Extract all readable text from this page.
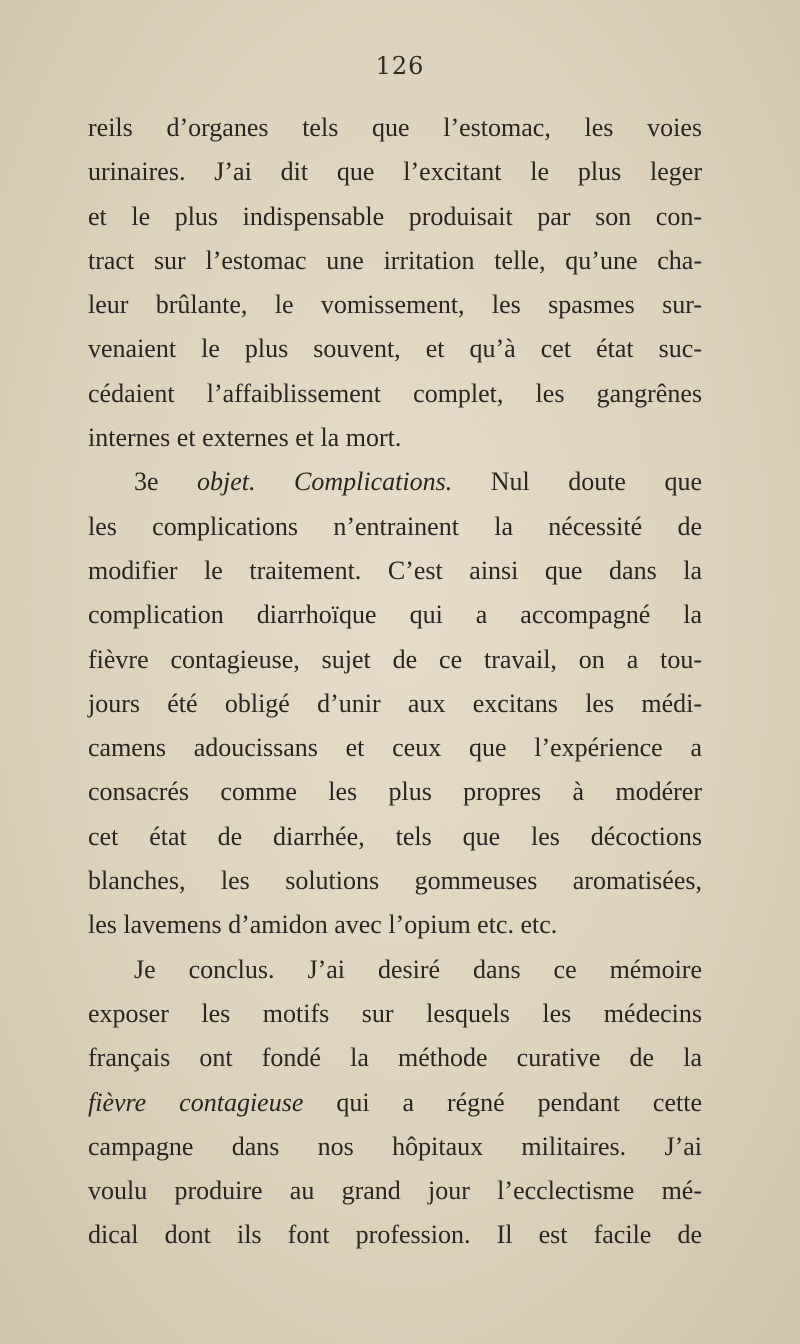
126
reils d’organes tels que l’estomac, les voies
urinaires. J’ai dit que l’excitant le plus leger
et le plus indispensable produisait par son con-
tract sur l’estomac une irritation telle, qu’une cha-
leur brûlante, le vomissement, les spasmes sur-
venaient le plus souvent, et qu’à cet état suc-
cédaient l’affaiblissement complet, les gangrênes
internes et externes et la mort.
3e objet. Complications. Nul doute que
les complications n’entrainent la nécessité de
modifier le traitement. C’est ainsi que dans la
complication diarrhoïque qui a accompagné la
fièvre contagieuse, sujet de ce travail, on a tou-
jours été obligé d’unir aux excitans les médi-
camens adoucissans et ceux que l’expérience a
consacrés comme les plus propres à modérer
cet état de diarrhée, tels que les décoctions
blanches, les solutions gommeuses aromatisées,
les lavemens d’amidon avec l’opium etc. etc.
Je conclus. J’ai desiré dans ce mémoire
exposer les motifs sur lesquels les médecins
français ont fondé la méthode curative de la
fièvre contagieuse qui a régné pendant cette
campagne dans nos hôpitaux militaires. J’ai
voulu produire au grand jour l’ecclectisme mé-
dical dont ils font profession. Il est facile de
